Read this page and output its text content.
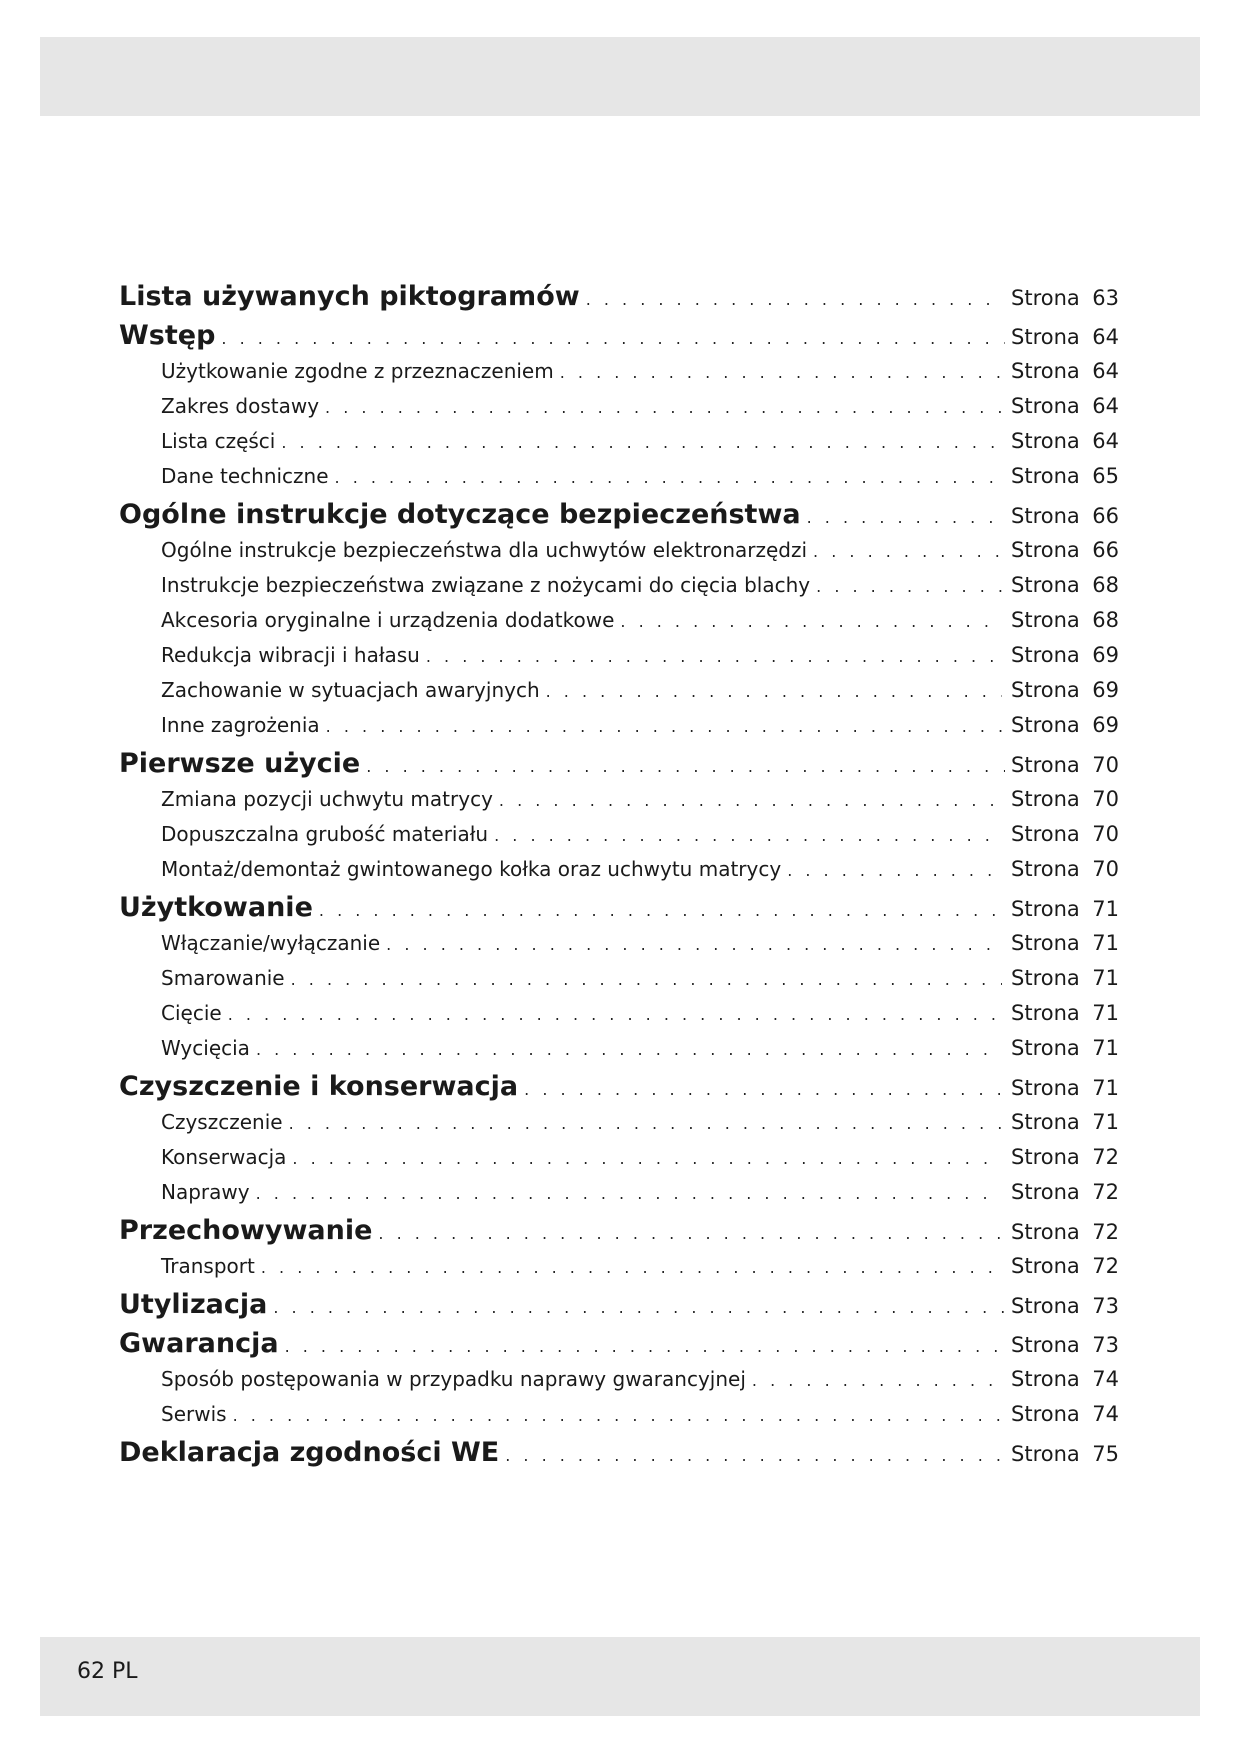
Lista używanych piktogramów . . .	Strona 63
Wstęp . . .	Strona 64
Użytkowanie zgodne z przeznaczeniem . . .	Strona 64
Zakres dostawy . . .	Strona 64
Lista części . . .	Strona 64
Dane techniczne . . .	Strona 65
Ogólne instrukcje dotyczące bezpieczeństwa . . .	Strona 66
Ogólne instrukcje bezpieczeństwa dla uchwytów elektronarzędzi . . .	Strona 66
Instrukcje bezpieczeństwa związane z nożycami do cięcia blachy . . .	Strona 68
Akcesoria oryginalne i urządzenia dodatkowe . . .	Strona 68
Redukcja wibracji i hałasu . . .	Strona 69
Zachowanie w sytuacjach awaryjnych . . .	Strona 69
Inne zagrożenia . . .	Strona 69
Pierwsze użycie . . .	Strona 70
Zmiana pozycji uchwytu matrycy . . .	Strona 70
Dopuszczalna grubość materiału . . .	Strona 70
Montaż/demontaż gwintowanego kołka oraz uchwytu matrycy . . .	Strona 70
Użytkowanie . . .	Strona 71
Włączanie/wyłączanie . . .	Strona 71
Smarowanie . . .	Strona 71
Cięcie . . .	Strona 71
Wycięcia . . .	Strona 71
Czyszczenie i konserwacja . . .	Strona 71
Czyszczenie . . .	Strona 71
Konserwacja . . .	Strona 72
Naprawy . . .	Strona 72
Przechowywanie . . .	Strona 72
Transport . . .	Strona 72
Utylizacja . . .	Strona 73
Gwarancja . . .	Strona 73
Sposób postępowania w przypadku naprawy gwarancyjnej . . .	Strona 74
Serwis . . .	Strona 74
Deklaracja zgodności WE . . .	Strona 75
62 PL
